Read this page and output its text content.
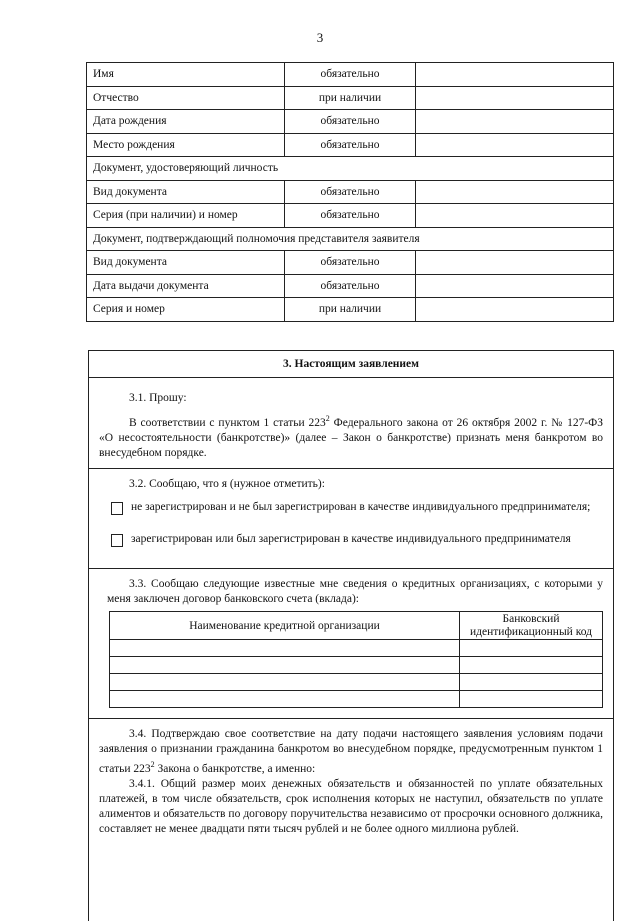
3
Имя	обязательно	
Отчество	при наличии	
Дата рождения	обязательно	
Место рождения	обязательно	
Документ, удостоверяющий личность		
Вид документа	обязательно	
Серия (при наличии) и номер	обязательно	
Документ, подтверждающий полномочия представителя заявителя		
Вид документа	обязательно	
Дата выдачи документа	обязательно	
Серия и номер	при наличии	
3. Настоящим заявлением
3.1. Прошу:
В соответствии с пунктом 1 статьи $223^2$ Федерального закона от 26 октября 2002 г. № 127-ФЗ «О несостоятельности (банкротстве)» (далее – Закон о банкротстве) признать меня банкротом во внесудебном порядке.
3.2. Сообщаю, что я (нужное отметить):
не зарегистрирован и не был зарегистрирован в качестве индивидуального предпринимателя;
зарегистрирован или был зарегистрирован в качестве индивидуального предпринимателя
3.3. Сообщаю следующие известные мне сведения о кредитных организациях, с которыми у меня заключен договор банковского счета (вклада):
Наименование кредитной организации	Банковский идентификационный код

3.4. Подтверждаю свое соответствие на дату подачи настоящего заявления условиям подачи заявления о признании гражданина банкротом во внесудебном порядке, предусмотренным пунктом 1 статьи $223^2$ Закона о банкротстве, а именно:
3.4.1. Общий размер моих денежных обязательств и обязанностей по уплате обязательных платежей, в том числе обязательств, срок исполнения которых не наступил, обязательств по уплате алиментов и обязательств по договору поручительства независимо от просрочки основного должника, составляет не менее двадцати пяти тысяч рублей и не более одного миллиона рублей.
